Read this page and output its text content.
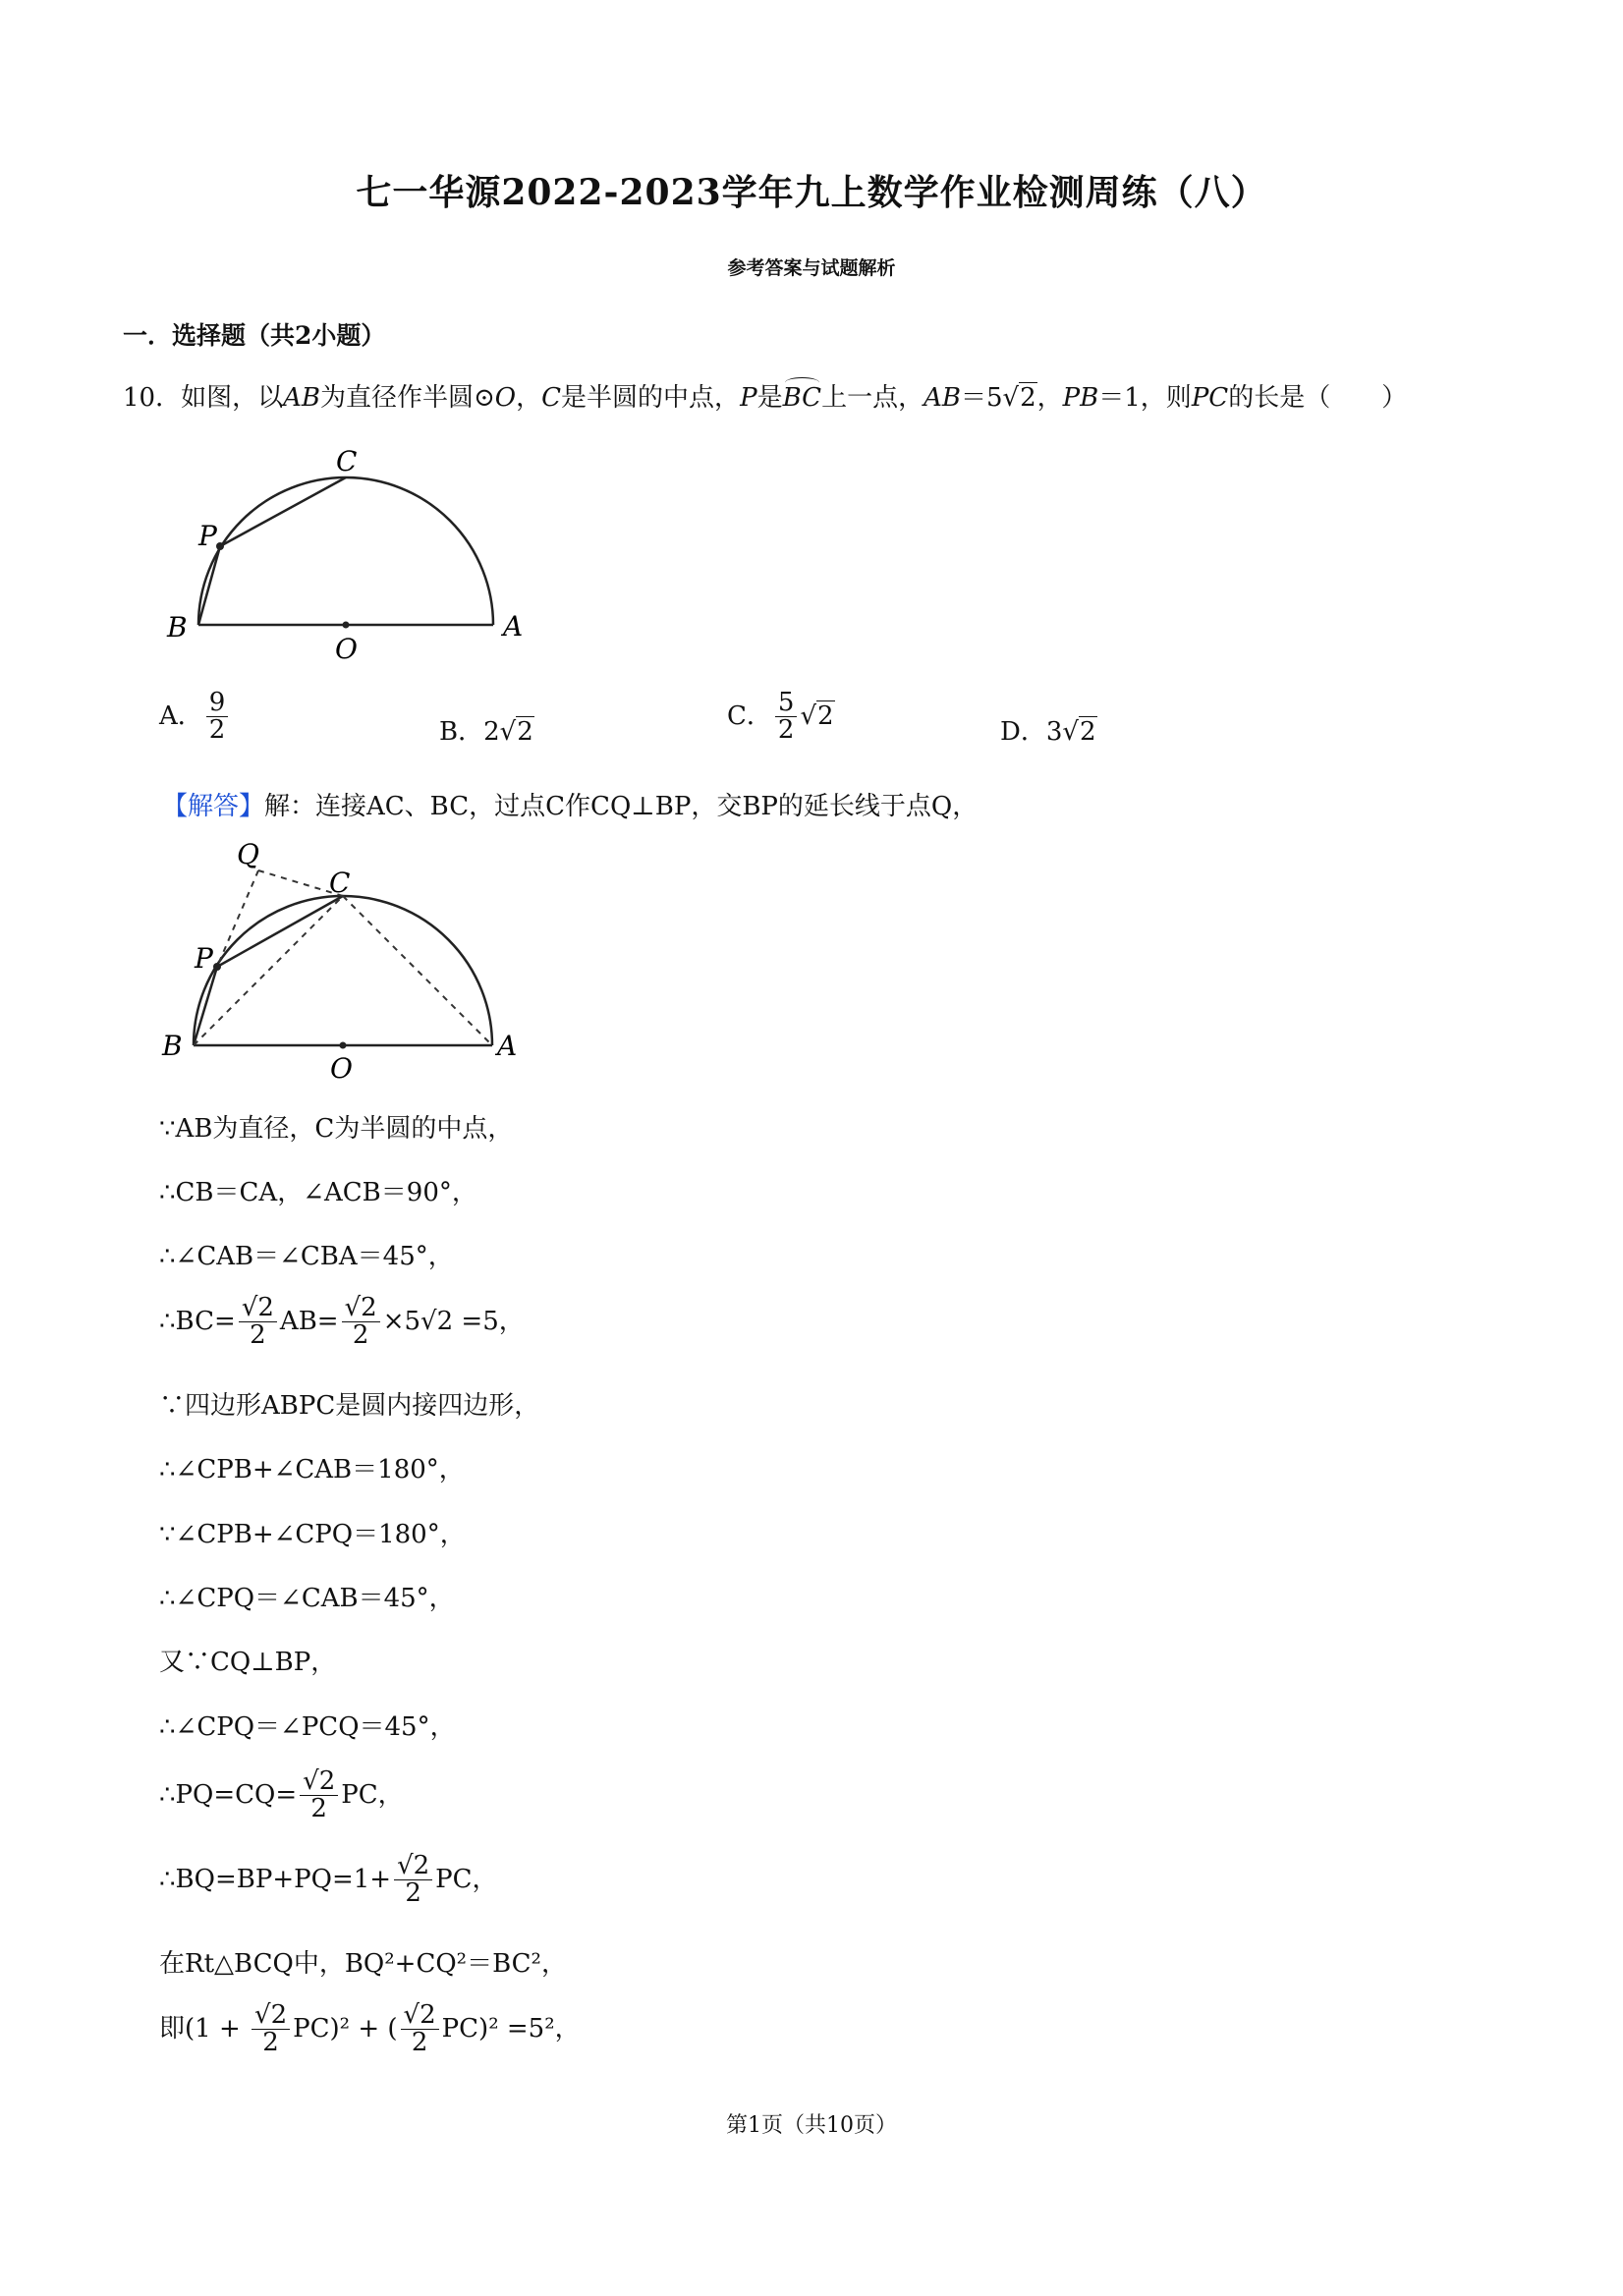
七一华源2022-2023学年九上数学作业检测周练（八）
参考答案与试题解析
一．选择题（共2小题）
10．如图，以AB为直径作半圆⊙O，C是半圆的中点，P是BC上一点，AB＝5√2，PB＝1，则PC的长是（　　）
C
P
B
O
A
A． $\frac{9}{2}$	B．2√2
C． $\frac{5}{2} √2$
D．3√2
【解答】解：连接AC、BC，过点C作CQ⊥BP，交BP的延长线于点Q，
Q
C
P
B
O
A
∵AB为直径，C为半圆的中点，
∴CB＝CA，∠ACB＝90°，
∴∠CAB＝∠CBA＝45°，
∴BC= $\frac{√2}{2} AB= \frac{√2}{2} \times 5√2 =5$，
∵四边形ABPC是圆内接四边形，
∴∠CPB+∠CAB＝180°，
∵∠CPB+∠CPQ＝180°，
∴∠CPQ＝∠CAB＝45°，
又∵CQ⊥BP，
∴∠CPQ＝∠PCQ＝45°，
∴PQ=CQ= $\frac{√2}{2}$ PC，
∴BQ=BP+PQ=1+ $\frac{√2}{2}$ PC，
在Rt△BCQ中，BQ²+CQ²＝BC²，
即$(1 + \frac{√2}{2} PC)^2$ + ( $\frac{√2}{2} PC)^2 =5^2$，
第1页（共10页）
